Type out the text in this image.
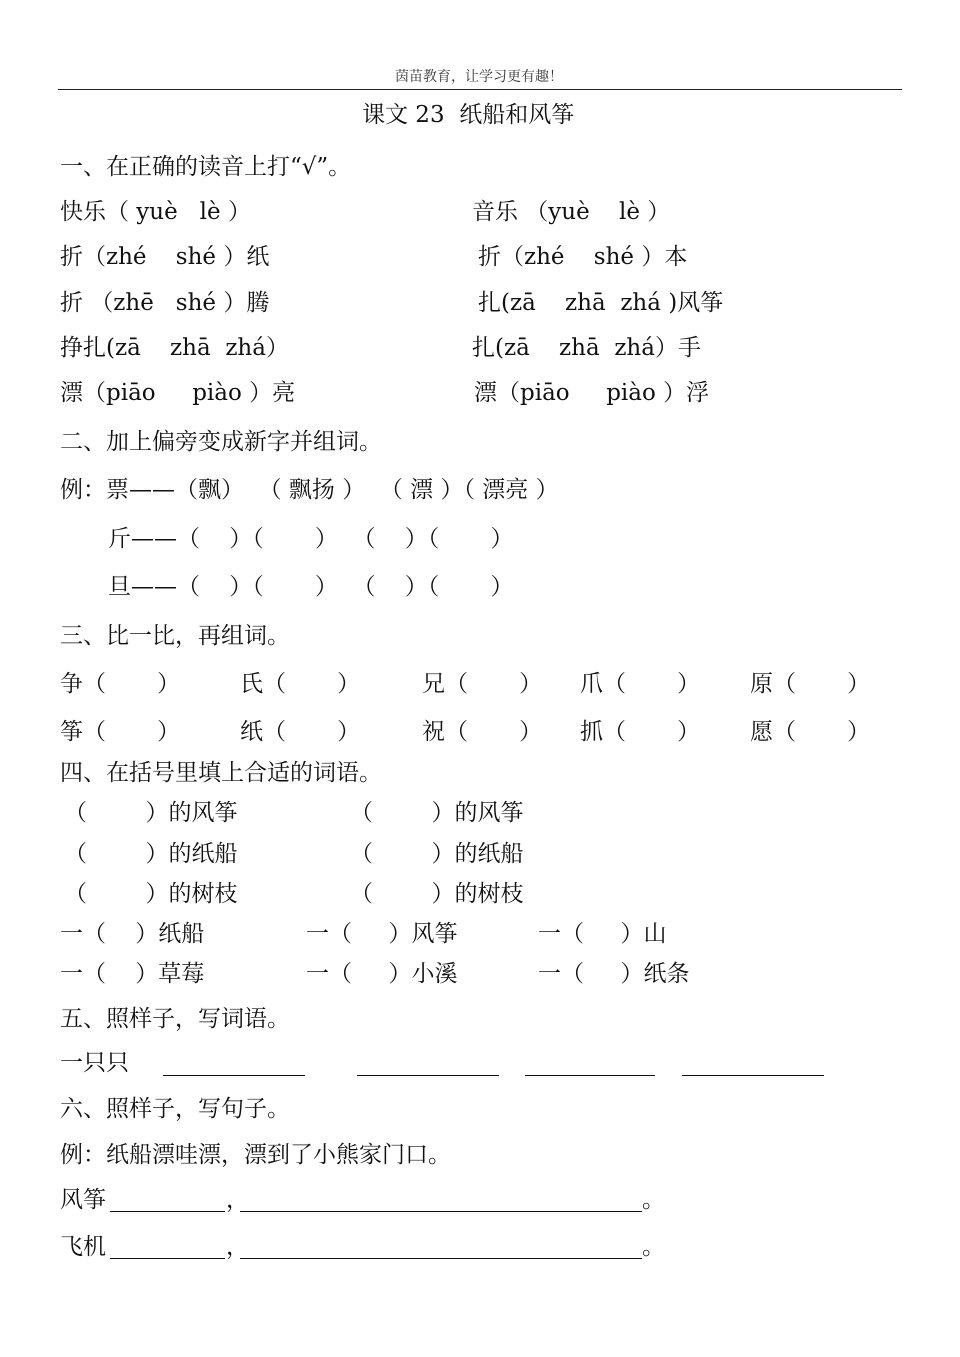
茵苗教育，让学习更有趣！
课文 23  纸船和风筝
一、在正确的读音上打“√”。
快乐（ yuè   lè ）	音乐 （yuè    lè ）
折（zhé    shé ）纸	折（zhé    shé ）本
折 （zhē   shé ）腾	扎(zā    zhā  zhá )风筝
挣扎(zā    zhā  zhá）	扎(zā    zhā  zhá）手
漂（piāo     piào ）亮	漂（piāo     piào ）浮
二、加上偏旁变成新字并组词。
例：票——（飘）  （ 飘扬 ）  （ 漂 ）（ 漂亮 ）
斤——（    ）（       ）  （    ）（       ）
旦——（    ）（       ）  （    ）（       ）
三、比一比，再组词。
争（       ）	氏（       ）	兄（       ） 爪（       ） 原（       ）
筝（       ）	纸（       ）	祝（       ） 抓（       ） 愿（       ）
四、在括号里填上合适的词语。
（        ）的风筝	（        ）的风筝
（        ）的纸船	（        ）的纸船
（        ）的树枝	（        ）的树枝
一（    ）纸船	一（     ）风筝	一（     ）山
一（    ）草莓	一（     ）小溪	一（     ）纸条
五、照样子，写词语。
一只只
六、照样子，写句子。
例：纸船漂哇漂，漂到了小熊家门口。
风筝	，	。
飞机	，	。
